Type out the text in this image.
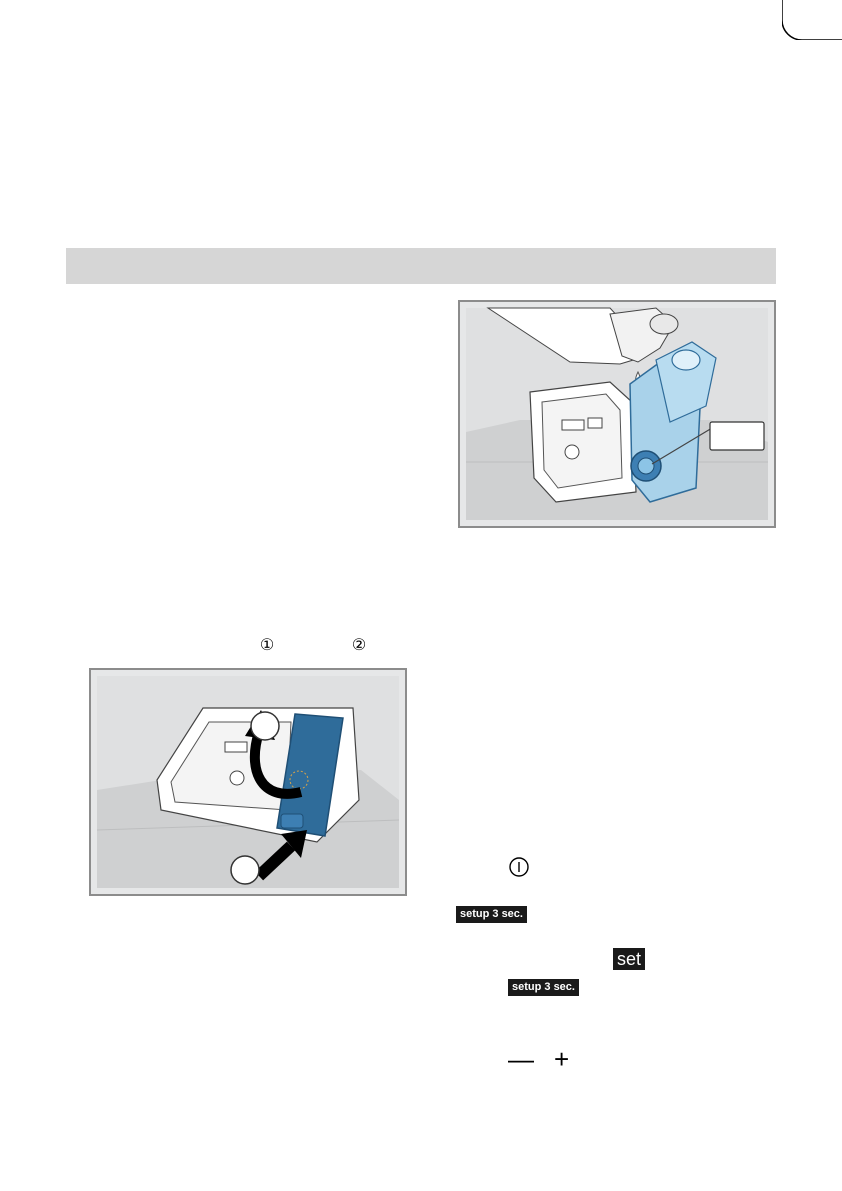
①	②
setup 3 sec.
set
setup 3 sec.
— +
